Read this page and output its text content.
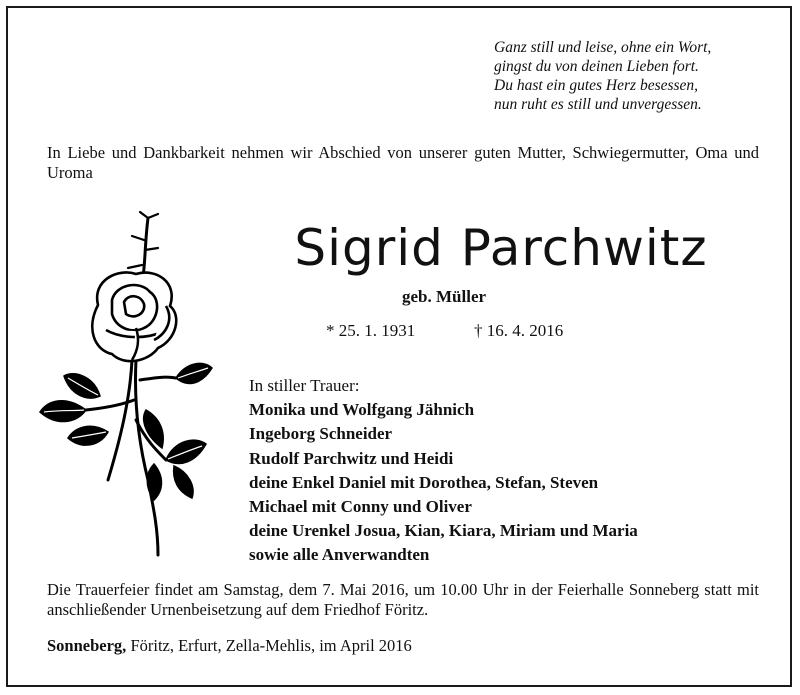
Ganz still und leise, ohne ein Wort,
gingst du von deinen Lieben fort.
Du hast ein gutes Herz besessen,
nun ruht es still und unvergessen.
In Liebe und Dankbarkeit nehmen wir Abschied von unserer guten Mutter, Schwiegermutter, Oma und Uroma
Sigrid Parchwitz
geb. Müller
* 25. 1. 1931	† 16. 4. 2016
In stiller Trauer:
Monika und Wolfgang Jähnich
Ingeborg Schneider
Rudolf Parchwitz und Heidi
deine Enkel Daniel mit Dorothea, Stefan, Steven
Michael mit Conny und Oliver
deine Urenkel Josua, Kian, Kiara, Miriam und Maria
sowie alle Anverwandten
Die Trauerfeier findet am Samstag, dem 7. Mai 2016, um 10.00 Uhr in der Feierhalle Sonneberg statt mit anschließender Urnenbeisetzung auf dem Friedhof Föritz.
Sonneberg, Föritz, Erfurt, Zella-Mehlis, im April 2016
